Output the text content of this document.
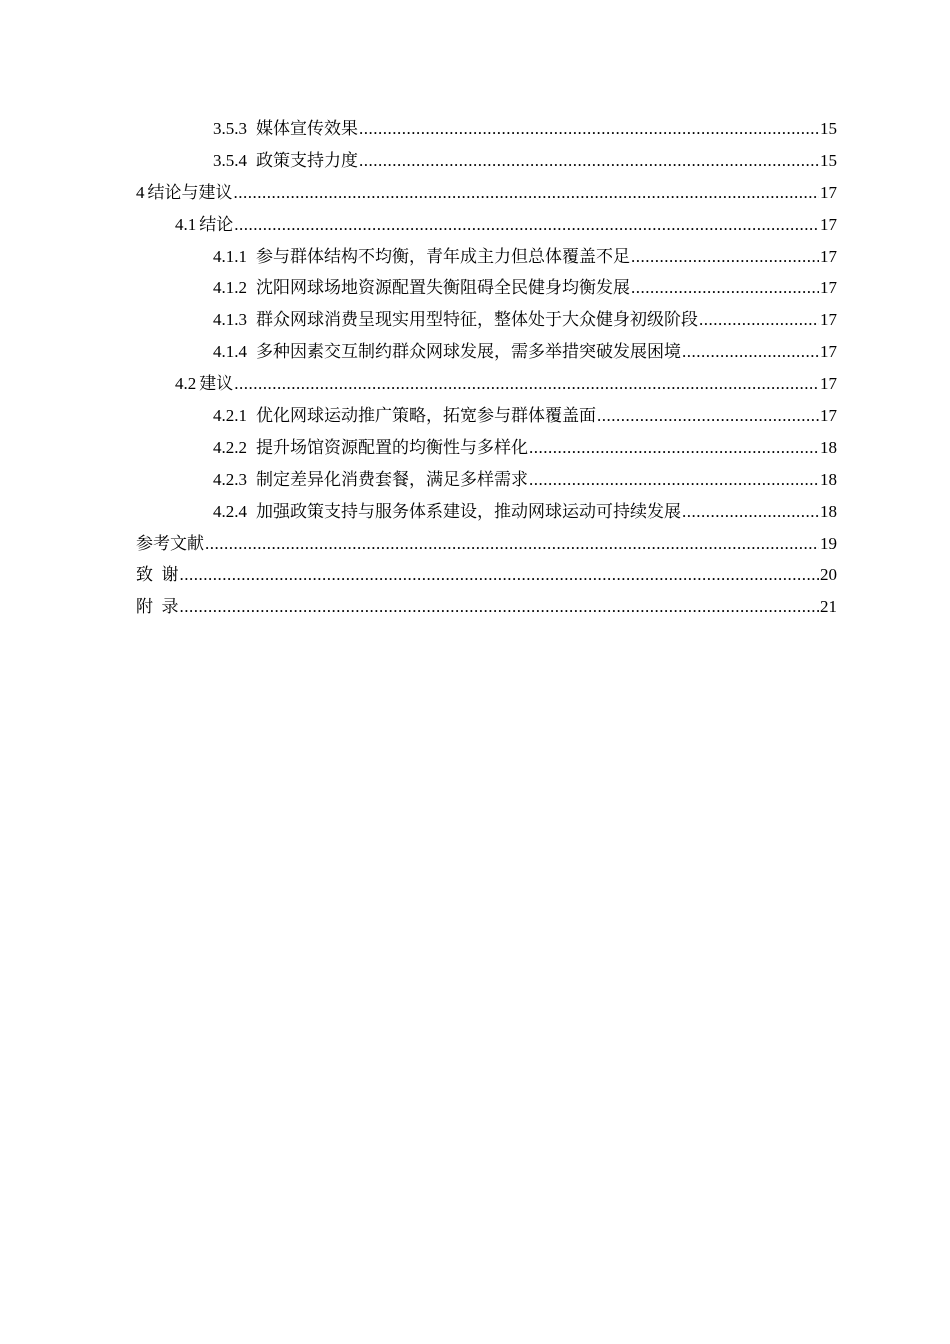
3.5.3 媒体宣传效果 .....	15
3.5.4 政策支持力度 .....	15
4 结论与建议 .....	17
4.1 结论 .....	17
4.1.1 参与群体结构不均衡，青年成主力但总体覆盖不足 .....	17
4.1.2 沈阳网球场地资源配置失衡阻碍全民健身均衡发展 .....	17
4.1.3 群众网球消费呈现实用型特征，整体处于大众健身初级阶段 .....	17
4.1.4 多种因素交互制约群众网球发展，需多举措突破发展困境 .....	17
4.2 建议 .....	17
4.2.1 优化网球运动推广策略，拓宽参与群体覆盖面 .....	17
4.2.2 提升场馆资源配置的均衡性与多样化 .....	18
4.2.3 制定差异化消费套餐，满足多样需求 .....	18
4.2.4 加强政策支持与服务体系建设，推动网球运动可持续发展 .....	18
参考文献 .....	19
致  谢 .....	20
附  录 .....	21
